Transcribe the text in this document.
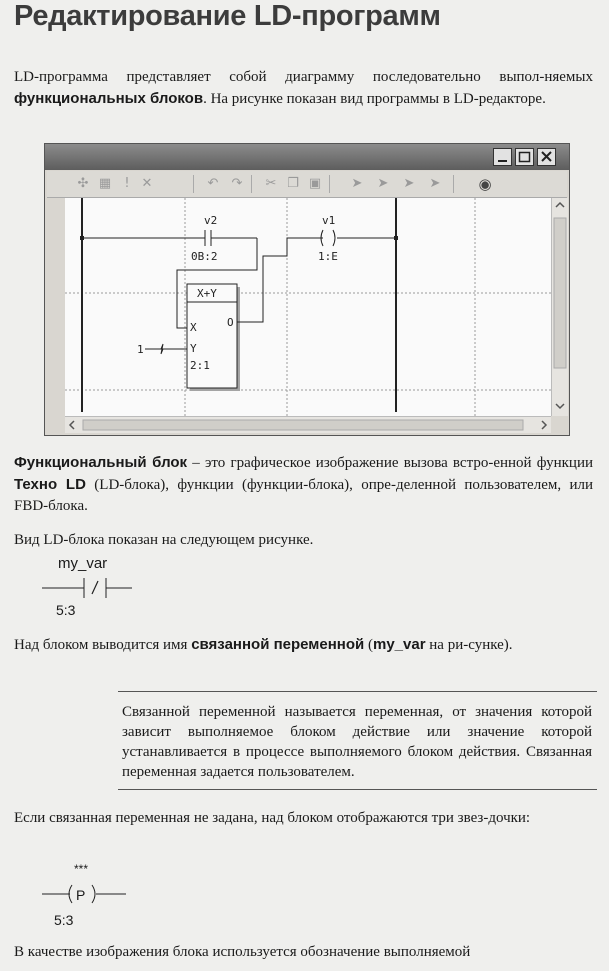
Редактирование LD-программ
LD-программа представляет собой диаграмму последовательно выпол-няемых функциональных блоков. На рисунке показан вид программы в LD-редакторе.
✣ ▦	! ✕	↶	↷	✂ ❐ ▣	➤	➤	➤	➤	◉
v2
0B:2
v1
1:E
X+Y
X
Y
O
2:1
1
Функциональный блок – это графическое изображение вызова встро-енной функции Техно LD (LD-блока), функции (функции-блока), опре-деленной пользователем, или FBD-блока.
Вид LD-блока показан на следующем рисунке.
my_var
5:3
Над блоком выводится имя связанной переменной (my_var на ри-сунке).
Связанной переменной называется переменная, от значения которой зависит выполняемое блоком действие или значение которой устанавливается в процессе выполняемого блоком действия. Связанная переменная задается пользователем.
Если связанная переменная не задана, над блоком отображаются три звез-дочки:
***
P
5:3
В качестве изображения блока используется обозначение выполняемой
